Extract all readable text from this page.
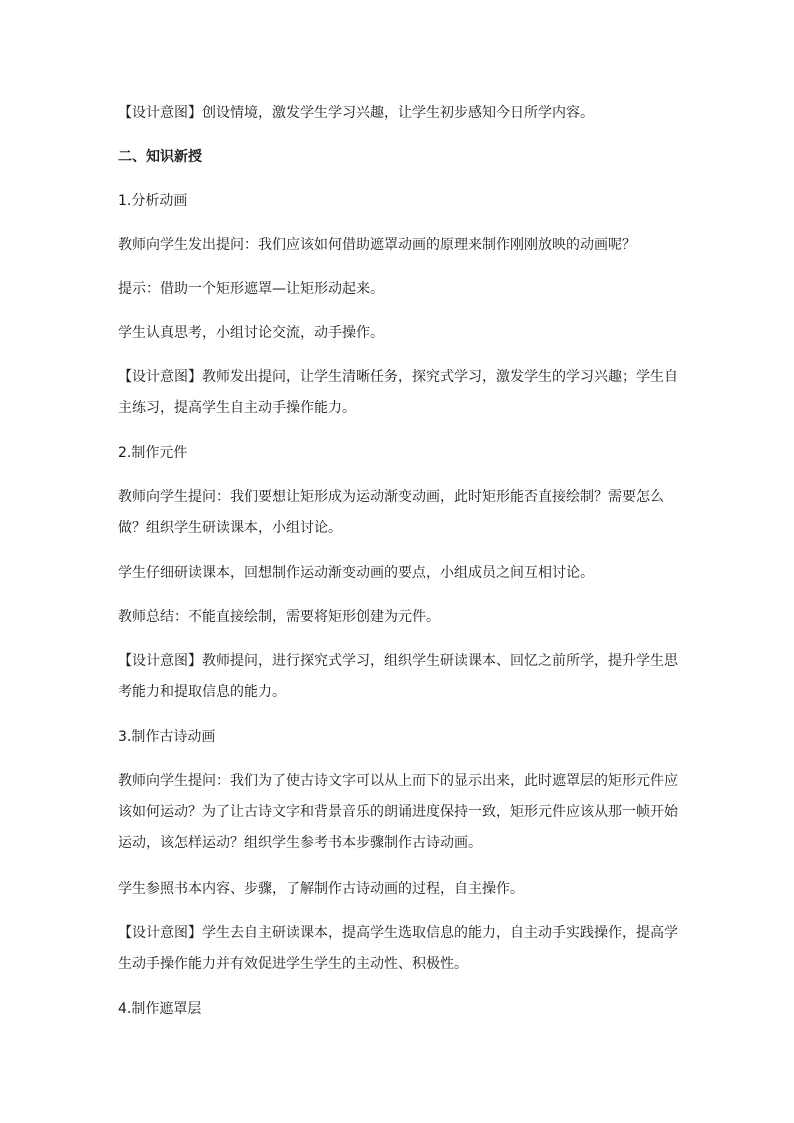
【设计意图】创设情境，激发学生学习兴趣，让学生初步感知今日所学内容。

二、知识新授

1.分析动画

教师向学生发出提问：我们应该如何借助遮罩动画的原理来制作刚刚放映的动画呢？

提示：借助一个矩形遮罩—让矩形动起来。

学生认真思考，小组讨论交流，动手操作。

【设计意图】教师发出提问，让学生清晰任务，探究式学习，激发学生的学习兴趣；学生自主练习，提高学生自主动手操作能力。

2.制作元件

教师向学生提问：我们要想让矩形成为运动渐变动画，此时矩形能否直接绘制？需要怎么做？组织学生研读课本，小组讨论。

学生仔细研读课本，回想制作运动渐变动画的要点，小组成员之间互相讨论。

教师总结：不能直接绘制，需要将矩形创建为元件。

【设计意图】教师提问，进行探究式学习，组织学生研读课本、回忆之前所学，提升学生思考能力和提取信息的能力。

3.制作古诗动画

教师向学生提问：我们为了使古诗文字可以从上而下的显示出来，此时遮罩层的矩形元件应该如何运动？为了让古诗文字和背景音乐的朗诵进度保持一致，矩形元件应该从那一帧开始运动，该怎样运动？组织学生参考书本步骤制作古诗动画。

学生参照书本内容、步骤，了解制作古诗动画的过程，自主操作。

【设计意图】学生去自主研读课本，提高学生选取信息的能力，自主动手实践操作，提高学生动手操作能力并有效促进学生学生的主动性、积极性。

4.制作遮罩层
